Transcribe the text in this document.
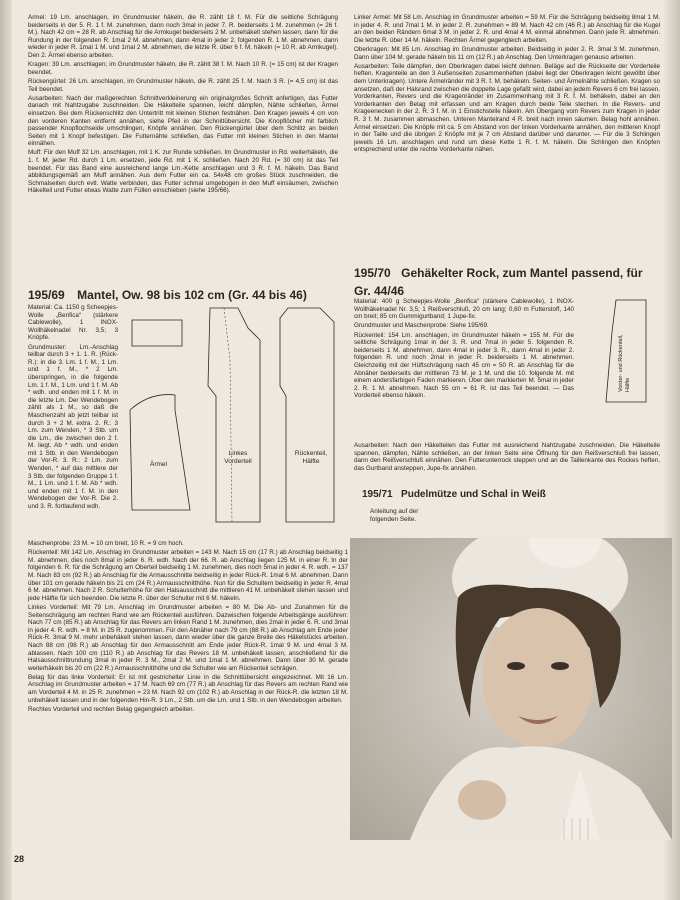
Ärmel: 19 Lm. anschlagen, im Grundmuster häkeln, die R. zählt 18 f. M. Für die seitliche Schrägung beiderseits in der 5. R. 1 f. M. zunehmen, dann noch 3mal in jeder 7. R. beiderseits 1 M. zunehmen (= 26 f. M.). Nach 42 cm = 28 R. ab Anschlag für die Armkugel beiderseits 2 M. unbehäkelt stehen lassen, dann für die Rundung in der folgenden R. 1mal 2 M. abnehmen, dann 4mal in jeder 2. folgenden R. 1 M. abnehmen, dann wieder in jeder R. 1mal 1 M. und 1mal 2 M. abnehmen, die letzte R. über 6 f. M. häkeln (= 10 R. ab Armkugel). Den 2. Ärmel ebenso arbeiten.

Kragen: 39 Lm. anschlagen; im Grundmuster häkeln, die R. zählt 38 f. M. Nach 10 R. (= 15 cm) ist der Kragen beendet.

Rückengürtel: 26 Lm. anschlagen, im Grundmuster häkeln, die R. zählt 25 f. M. Nach 3 R. (= 4,5 cm) ist das Teil beendet.

Ausarbeiten: Nach der maßgerechten Schnittverkleinerung ein originalgroßes Schnitt anfertigen, das Futter danach mit Nahtzugabe zuschneiden. Die Häkelteile spannen, leicht dämpfen, Nähte schließen, Ärmel einsetzen. Bei dem Rückenschlitz den Untertritt mit kleinen Stichen festnähen. Den Kragen jeweils 4 cm von den vorderen Kanten entfernt annähen, siehe Pfeil in der Schnittübersicht. Die Knopflöcher mit farblich passender Knopflochseide umschlingen, Knöpfe annähen. Den Rückengürtel über dem Schlitz an beiden Seiten mit 1 Knopf befestigen. Die Futternähte schließen, das Futter mit kleinen Stichen in den Mantel einnähen.

Muff: Für den Muff 32 Lm. anschlagen, mit 1 K. zur Runde schließen. Im Grundmuster in Rd. weiterhäkeln, die 1. f. M. jeder Rd. durch 1 Lm. ersetzen, jede Rd. mit 1 K. schließen. Nach 20 Rd. (= 30 cm) ist das Teil beendet. Für das Band eine ausreichend lange Lm.-Kette anschlagen und 3 R. f. M. häkeln. Das Band abbildungsgemäß am Muff annähen. Aus dem Futter ein ca. 54x48 cm großes Stück zuschneiden, die Schmalseiten durch evtl. Watte verbinden, das Futter schmal umgebogen in den Muff einsäumen, zwischen Häkelteil und Futter etwas Watte zum Füllen einschieben (siehe 195/66).

195/69 Mantel, Ow. 98 bis 102 cm (Gr. 44 bis 46)

Material: Ca. 1150 g Scheepjes-Wolle „Benfica“ (stärkere Cablewolle), 1 INOX-Wollhäkelnadel Nr. 3,5; 3 Knöpfe.

Grundmuster: Lm.-Anschlag teilbar durch 3 + 1. 1. R. (Rück-R.): in die 3. Lm. 1 f. M., 1 Lm. und 1 f. M., * 2 Lm. überspringen, in die folgende Lm. 1 f. M., 1 Lm. und 1 f. M. Ab * wdh. und enden mit 1 f. M. in die letzte Lm. Der Wendebogen zählt als 1 M., so daß die Maschenzahl ab jetzt teilbar ist durch 3 + 2 M. extra. 2. R.: 3 Lm. zum Wenden, * 3 Stb. um die Lm., die zwischen den 2 f. M. liegt. Ab * wdh. und enden mit 1 Stb. in den Wendebogen der Vor-R. 3. R.: 2 Lm. zum Wenden, * auf das mittlere der 3 Stb. der folgenden Gruppe 1 f. M., 1 Lm. und 1 f. M. Ab * wdh. und enden mit 1 f. M. in den Wendebogen der Vor-R. Die 2. und 3. R. fortlaufend wdh.

Ärmel
Linkes Vorderteil
Rückenteil, Hälfte

Maschenprobe: 23 M. = 10 cm breit, 10 R. = 9 cm hoch.

Rückenteil: Mit 142 Lm. Anschlag im Grundmuster arbeiten = 143 M. Nach 15 cm (17 R.) ab Anschlag beidseitig 1 M. abnehmen, dies noch 8mal in jeder 6. R. wdh. Nach der 66. R. ab Anschlag liegen 125 M. in einer R. In der folgenden 6. R. für die Schrägung am Oberteil beidseitig 1 M. zunehmen, dies noch 5mal in jeder 4. R. wdh. = 137 M. Nach 83 cm (92 R.) ab Anschlag für die Armausschnitte beidseitig in jeder Rück-R. 1mal 6 M. abnehmen. Dann über 101 cm gerade häkeln bis 21 cm (24 R.) Armausschnitthöhe. Nun für die Schultern beidseitig in jeder R. 4mal 6 M. abnehmen. Nach 2 R. Schulterhöhe für den Halsausschnitt die mittleren 41 M. unbehäkelt stehen lassen und jede Hälfte für sich beenden. Die letzte R. über der Schulter mit 6 M. häkeln.

Linkes Vorderteil: Mit 79 Lm. Anschlag im Grundmuster arbeiten = 80 M. Die Ab- und Zunahmen für die Seitenschrägung am rechten Rand wie am Rückenteil ausführen. Dazwischen folgende Arbeitsgänge ausführen: Nach 77 cm (85 R.) ab Anschlag für das Revers am linken Rand 1 M. zunehmen, dies 2mal in jeder 6. R. und 3mal in jeder 4. R. wdh. = 8 M. in 25 R. zugenommen. Für den Abnäher nach 79 cm (88 R.) ab Anschlag am Ende jeder Rück-R. 3mal 9 M. mehr unbehäkelt stehen lassen, dann wieder über die ganze Breite des Häkelstücks arbeiten. Nach 88 cm (98 R.) ab Anschlag für den Armausschnitt am Ende jeder Rück-R. 1mal 9 M. und 4mal 3 M. ablassen. Nach 100 cm (110 R.) ab Anschlag für das Revers 18 M. unbehäkelt lassen, anschließend für die Halsausschnittrundung 3mal in jeder R. 3 M., 2mal 2 M. und 1mal 1 M. abnehmen. Dann über 30 M. gerade weiterhäkeln bis 20 cm (22 R.) Armausschnitthöhe und die Schulter wie am Rückenteil schrägen.

Belag für das linke Vorderteil: Er ist mit gestrichelter Linie in die Schnittübersicht eingezeichnet. Mit 16 Lm. Anschlag im Grundmuster arbeiten = 17 M. Nach 69 cm (77 R.) ab Anschlag für das Revers am rechten Rand wie am Vorderteil 4 M. in 25 R. zunehmen = 23 M. Nach 92 cm (102 R.) ab Anschlag in der Rück-R. die letzten 18 M. unbehäkelt lassen und in der folgenden Hin-R. 3 Lm., 2 Stb. um die Lm. und 1 Stb. in den Wendebogen arbeiten.

Rechtes Vorderteil und rechten Belag gegengleich arbeiten.

Linker Ärmel: Mit 58 Lm. Anschlag im Grundmuster arbeiten = 59 M. Für die Schrägung beidseitig 8mal 1 M. in jeder 4. R. und 7mal 1 M. in jeder 2. R. zunehmen = 89 M. Nach 42 cm (46 R.) ab Anschlag für die Kugel an den beiden Rändern 6mal 3 M. in jeder 2. R. und 4mal 4 M. einmal abnehmen. Dann jede R. abnehmen. Die letzte R. über 14 M. häkeln. Rechten Ärmel gegengleich arbeiten.

Oberkragen: Mit 85 Lm. Anschlag im Grundmuster arbeiten. Beidseitig in jeder 2. R. 3mal 3 M. zunehmen. Dann über 104 M. gerade häkeln bis 11 cm (12 R.) ab Anschlag. Den Unterkragen genauso arbeiten.

Ausarbeiten: Teile dämpfen, den Oberkragen dabei leicht dehnen. Beläge auf die Rückseite der Vorderteile heften. Kragenteile an den 3 Außenseiten zusammenheften (dabei liegt der Oberkragen leicht gewölbt über dem Unterkragen). Untere Ärmelränder mit 3 R. f. M. behäkeln. Seiten- und Ärmelnähte schließen. Kragen so ansetzen, daß der Halsrand zwischen die doppelte Lage gefaßt wird, dabei an jedem Revers 6 cm frei lassen. Vorderkanten, Revers und die Kragenränder im Zusammenhang mit 3 R. f. M. behäkeln, dabei an den Vorderkanten den Belag mit erfassen und am Kragen durch beide Teile stechen. In die Revers- und Krageenecken in der 2. R. 3 f. M. in 1 Einstichstelle häkeln. Am Übergang vom Revers zum Kragen in jeder R. 3 f. M. zusammen abmaschen. Unteren Mantelrand 4 R. breit nach innen säumen. Belag hohl annähen. Ärmel einsetzen. Die Knöpfe mit ca. 5 cm Abstand von der linken Vorderkante annähen, den mittleren Knopf in der Taille und die übrigen 2 Knöpfe mit je 7 cm Abstand darüber und darunter. — Für die 3 Schlingen jeweils 16 Lm. anschlagen und rund um diese Kette 1 R. f. M. häkeln. Die Schlingen den Knöpfen entsprechend unter die rechte Vorderkante nähen.

195/70 Gehäkelter Rock, zum Mantel passend, für Gr. 44/46

Material: 400 g Scheepjes-Wolle „Benfica“ (stärkere Cablewolle), 1 INOX-Wollhäkelnadel Nr. 3,5; 1 Reißverschluß, 20 cm lang; 0,60 m Futterstoff, 140 cm breit; 85 cm Gummigurtband; 1 Jupe-fix.

Grundmuster und Maschenprobe: Siehe 195/69.

Rückenteil: 154 Lm. anschlagen, im Grundmuster häkeln = 155 M. Für die seitliche Schrägung 1mal in der 3. R. und 7mal in jeder 5. folgenden R. beiderseits 1 M. abnehmen, dann 4mal in jeder 3. R., dann 4mal in jeder 2. folgenden R. und noch 2mal in jeder R. beiderseits 1 M. abnehmen. Gleichzeitig mit der Hüftschrägung nach 45 cm = 50 R. ab Anschlag für die Abnäher beiderseits der mittleren 73 M. je 1 M. und die 10. folgende M. mit einem andersfarbigen Faden markieren. Über den markierten M. 5mal in jeder 2. R. 1 M. abnehmen. Nach 55 cm = 61 R. ist das Teil beendet. — Das Vorderteil ebenso häkeln.

Vorder- und Rückenteil, Hälfte

Ausarbeiten: Nach den Häkelteilen das Futter mit ausreichend Nahtzugabe zuschneiden. Die Häkelteile spannen, dämpfen, Nähte schließen, an der linken Seite eine Öffnung für den Reißverschluß frei lassen, dann den Reißverschluß einnähen. Den Futterunterrock steppen und an die Taillenkante des Rockes heften, das Gurtband ansteppen, Jupe-fix annähen.

195/71 Pudelmütze und Schal in Weiß
Anleitung auf der folgenden Seite.
28
